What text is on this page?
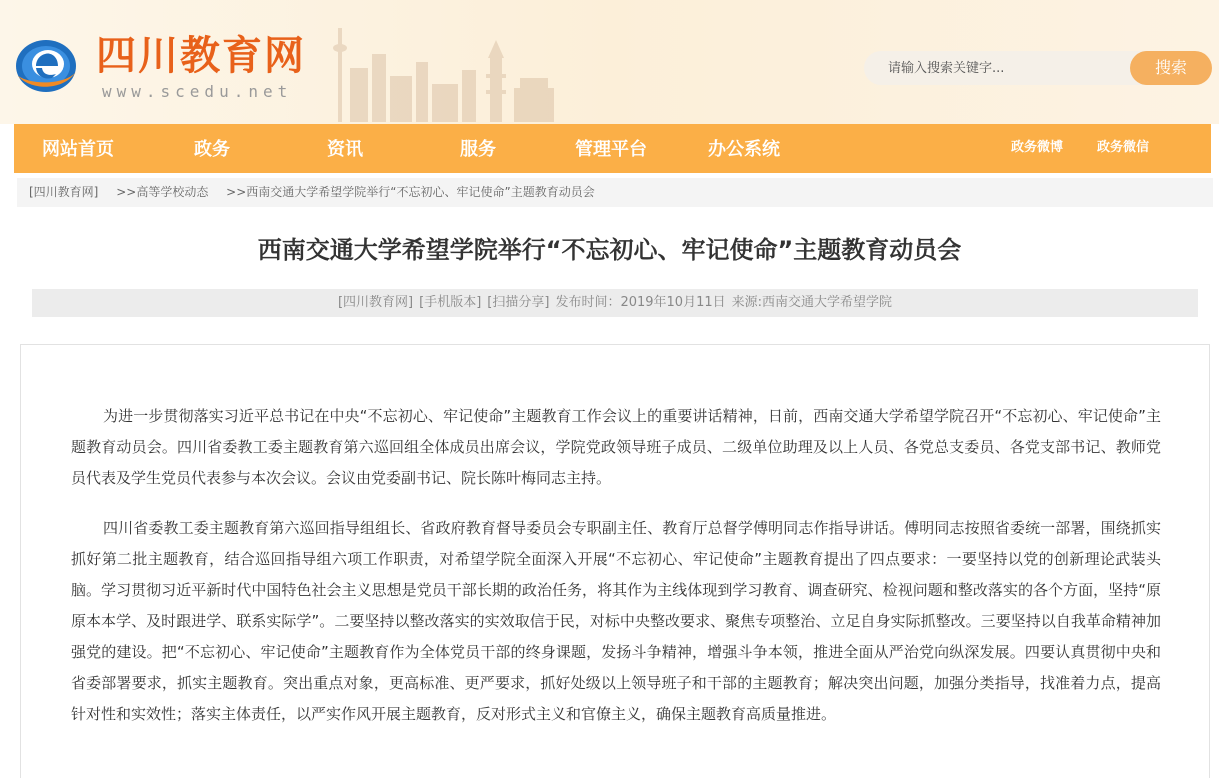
四川教育网
www.scedu.net
请输入搜索关键字...
搜索
网站首页	政务	资讯	服务	管理平台	办公系统	政务微博	政务微信
[四川教育网] >>高等学校动态 >>西南交通大学希望学院举行“不忘初心、牢记使命”主题教育动员会
西南交通大学希望学院举行“不忘初心、牢记使命”主题教育动员会
[四川教育网] [手机版本] [扫描分享] 发布时间：2019年10月11日 来源:西南交通大学希望学院

为进一步贯彻落实习近平总书记在中央“不忘初心、牢记使命”主题教育工作会议上的重要讲话精神，日前，西南交通大学希望学院召开“不忘初心、牢记使命”主题教育动员会。四川省委教工委主题教育第六巡回组全体成员出席会议，学院党政领导班子成员、二级单位助理及以上人员、各党总支委员、各党支部书记、教师党员代表及学生党员代表参与本次会议。会议由党委副书记、院长陈叶梅同志主持。

四川省委教工委主题教育第六巡回指导组组长、省政府教育督导委员会专职副主任、教育厅总督学傅明同志作指导讲话。傅明同志按照省委统一部署，围绕抓实抓好第二批主题教育，结合巡回指导组六项工作职责，对希望学院全面深入开展“不忘初心、牢记使命”主题教育提出了四点要求：一要坚持以党的创新理论武装头脑。学习贯彻习近平新时代中国特色社会主义思想是党员干部长期的政治任务，将其作为主线体现到学习教育、调查研究、检视问题和整改落实的各个方面，坚持“原原本本学、及时跟进学、联系实际学”。二要坚持以整改落实的实效取信于民，对标中央整改要求、聚焦专项整治、立足自身实际抓整改。三要坚持以自我革命精神加强党的建设。把“不忘初心、牢记使命”主题教育作为全体党员干部的终身课题，发扬斗争精神，增强斗争本领，推进全面从严治党向纵深发展。四要认真贯彻中央和省委部署要求，抓实主题教育。突出重点对象，更高标准、更严要求，抓好处级以上领导班子和干部的主题教育；解决突出问题，加强分类指导，找准着力点，提高针对性和实效性；落实主体责任，以严实作风开展主题教育，反对形式主义和官僚主义，确保主题教育高质量推进。
